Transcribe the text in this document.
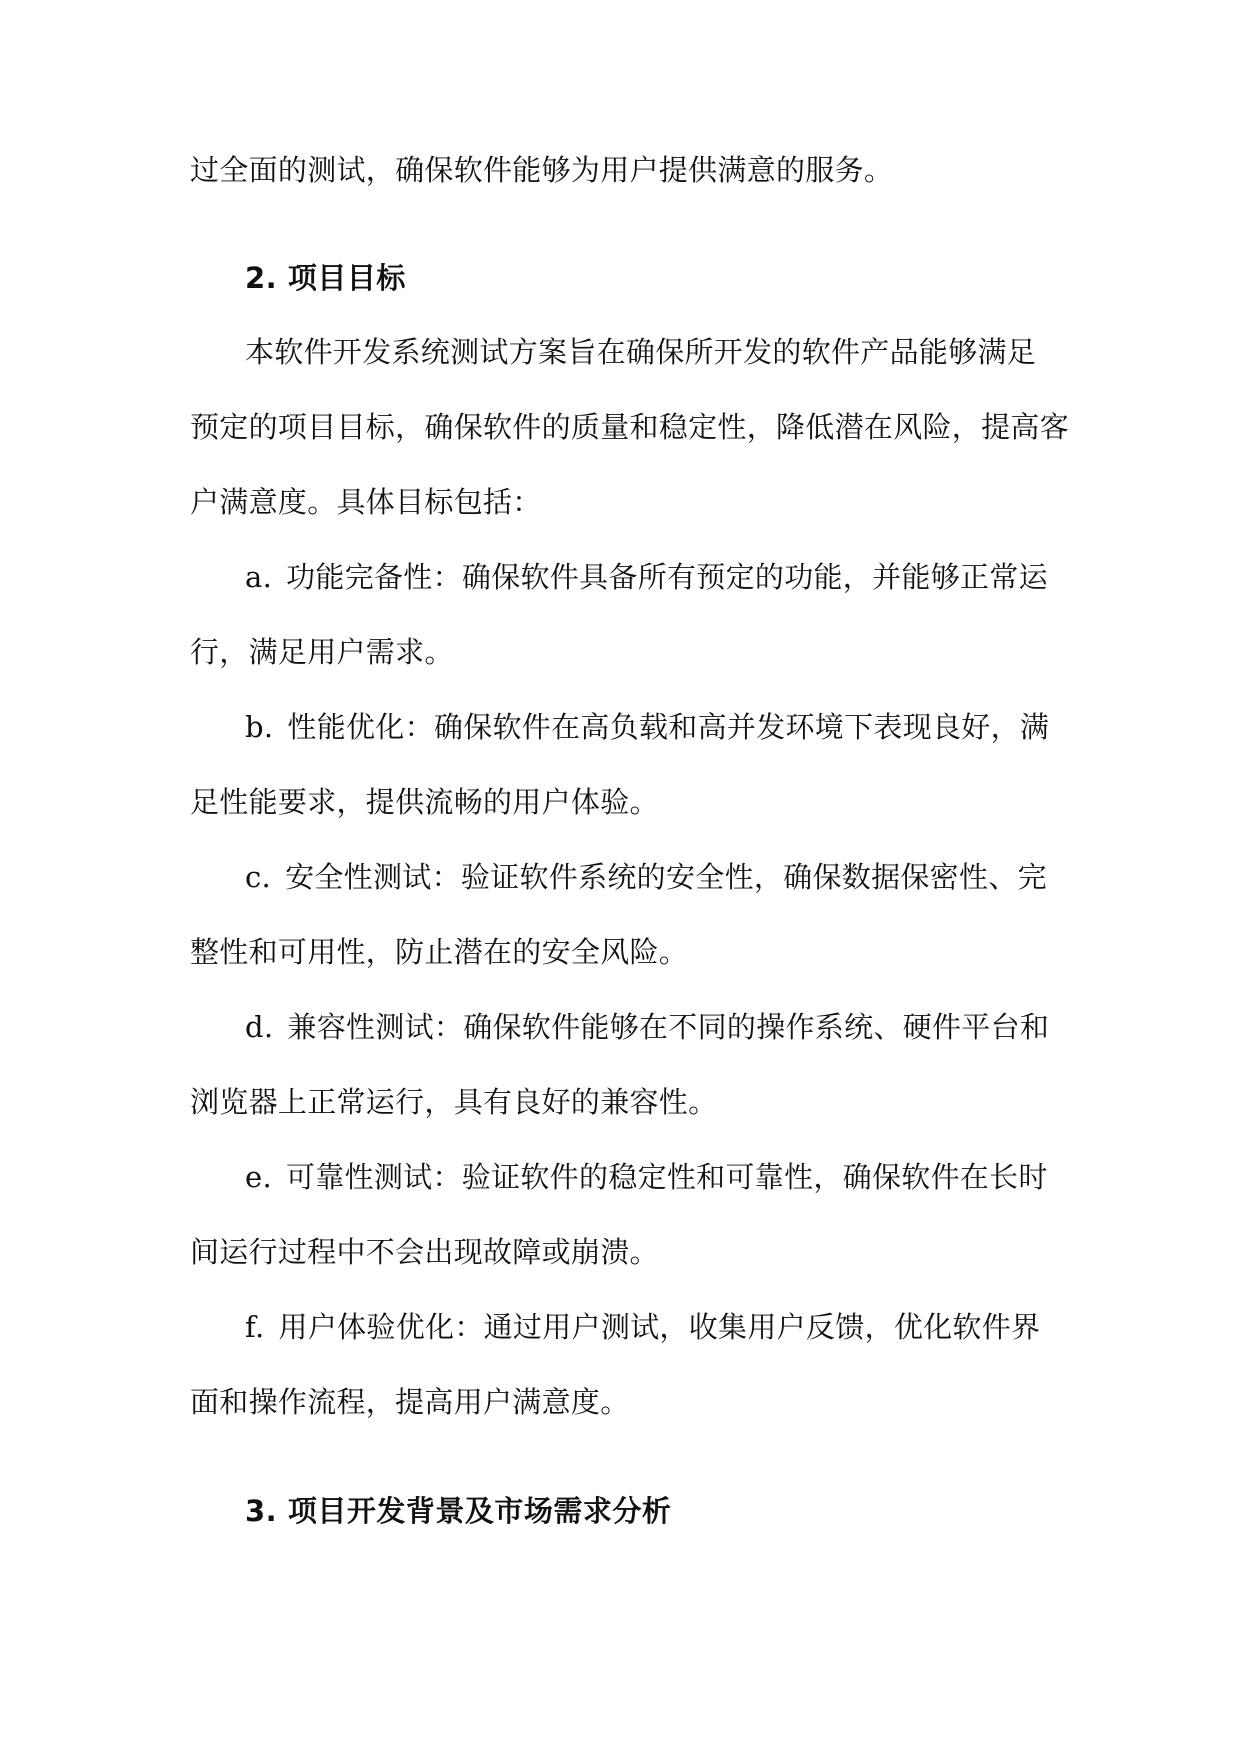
过全面的测试，确保软件能够为用户提供满意的服务。
2. 项目目标
本软件开发系统测试方案旨在确保所开发的软件产品能够满足
预定的项目目标，确保软件的质量和稳定性，降低潜在风险，提高客
户满意度。具体目标包括：
a. 功能完备性：确保软件具备所有预定的功能，并能够正常运
行，满足用户需求。
b. 性能优化：确保软件在高负载和高并发环境下表现良好，满
足性能要求，提供流畅的用户体验。
c. 安全性测试：验证软件系统的安全性，确保数据保密性、完
整性和可用性，防止潜在的安全风险。
d. 兼容性测试：确保软件能够在不同的操作系统、硬件平台和
浏览器上正常运行，具有良好的兼容性。
e. 可靠性测试：验证软件的稳定性和可靠性，确保软件在长时
间运行过程中不会出现故障或崩溃。
f. 用户体验优化：通过用户测试，收集用户反馈，优化软件界
面和操作流程，提高用户满意度。
3. 项目开发背景及市场需求分析
